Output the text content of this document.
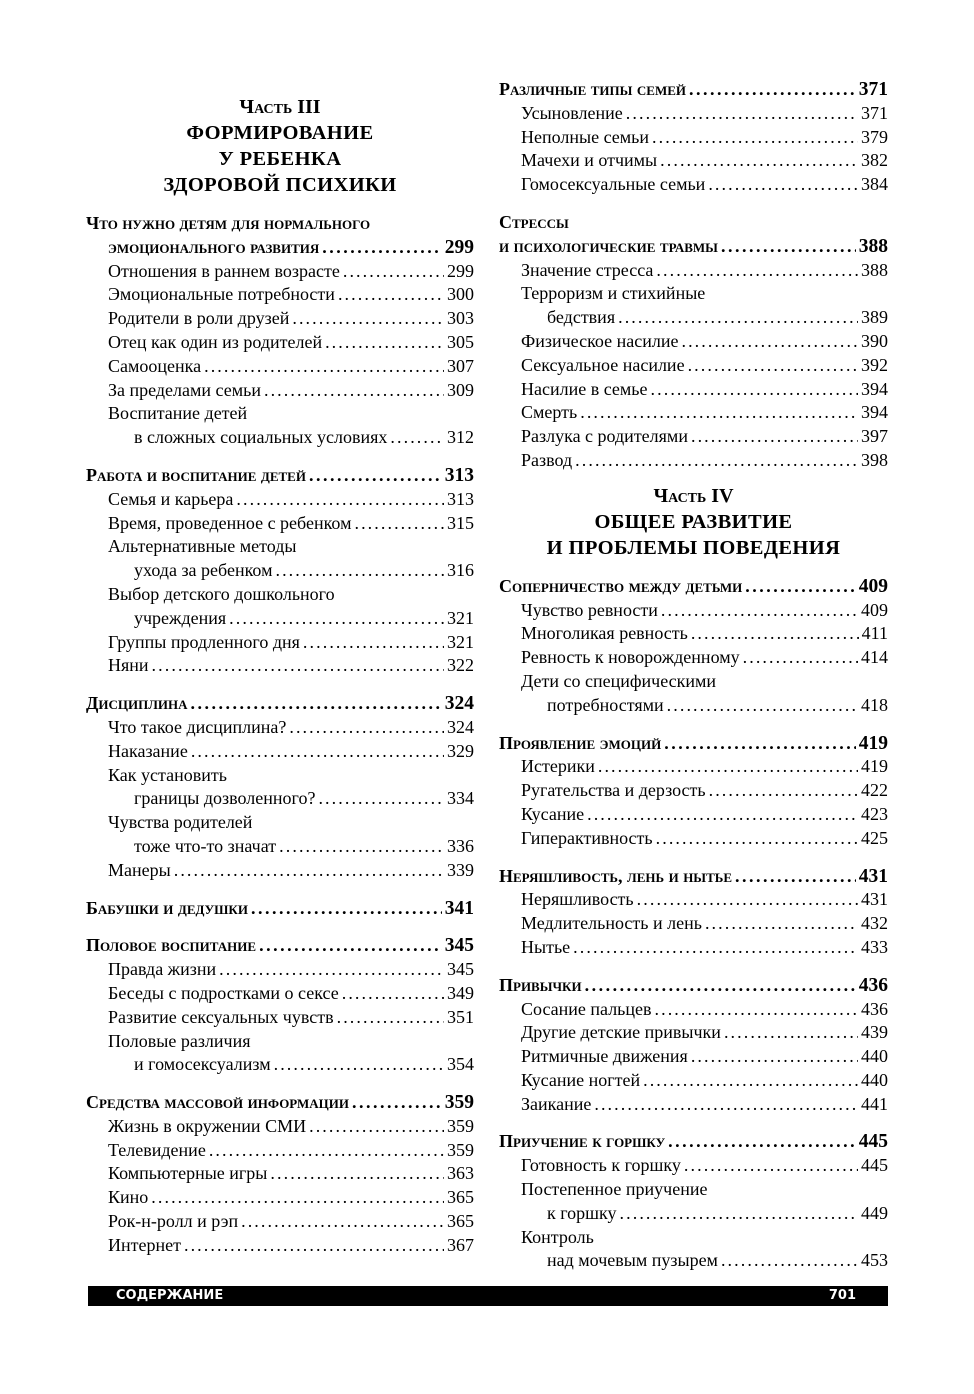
Часть III
ФОРМИРОВАНИЕ
У РЕБЕНКА
ЗДОРОВОЙ ПСИХИКИ
Что нужно детям для нормального
эмоционального развития . . .	299
Отношения в раннем возрасте . . .	299
Эмоциональные потребности . . .	300
Родители в роли друзей . . .	303
Отец как один из родителей . . .	305
Самооценка . . .	307
За пределами семьи . . .	309
Воспитание детей
в сложных социальных условиях . . .	312
Работа и воспитание детей . . .	313
Семья и карьера . . .	313
Время, проведенное с ребенком . . .	315
Альтернативные методы
ухода за ребенком . . .	316
Выбор детского дошкольного
учреждения . . .	321
Группы продленного дня . . .	321
Няни . . .	322
Дисциплина . . .	324
Что такое дисциплина? . . .	324
Наказание . . .	329
Как установить
границы дозволенного? . . .	334
Чувства родителей
тоже что-то значат . . .	336
Манеры . . .	339
Бабушки и дедушки . . .	341
Половое воспитание . . .	345
Правда жизни . . .	345
Беседы с подростками о сексе . . .	349
Развитие сексуальных чувств . . .	351
Половые различия
и гомосексуализм . . .	354
Средства массовой информации . . .	359
Жизнь в окружении СМИ . . .	359
Телевидение . . .	359
Компьютерные игры . . .	363
Кино . . .	365
Рок-н-ролл и рэп . . .	365
Интернет . . .	367
Различные типы семей . . .	371
Усыновление . . .	371
Неполные семьи . . .	379
Мачехи и отчимы . . .	382
Гомосексуальные семьи . . .	384
Стрессы
и психологические травмы . . .	388
Значение стресса . . .	388
Терроризм и стихийные
бедствия . . .	389
Физическое насилие . . .	390
Сексуальное насилие . . .	392
Насилие в семье . . .	394
Смерть . . .	394
Разлука с родителями . . .	397
Развод . . .	398
Часть IV
ОБЩЕЕ РАЗВИТИЕ
И ПРОБЛЕМЫ ПОВЕДЕНИЯ
Соперничество между детьми . . .	409
Чувство ревности . . .	409
Многоликая ревность . . .	411
Ревность к новорожденному . . .	414
Дети со специфическими
потребностями . . .	418
Проявление эмоций . . .	419
Истерики . . .	419
Ругательства и дерзость . . .	422
Кусание . . .	423
Гиперактивность . . .	425
Неряшливость, лень и нытье . . .	431
Неряшливость . . .	431
Медлительность и лень . . .	432
Нытье . . .	433
Привычки . . .	436
Сосание пальцев . . .	436
Другие детские привычки . . .	439
Ритмичные движения . . .	440
Кусание ногтей . . .	440
Заикание . . .	441
Приучение к горшку . . .	445
Готовность к горшку . . .	445
Постепенное приучение
к горшку . . .	449
Контроль
над мочевым пузырем . . .	453
СОДЕРЖАНИЕ	701
